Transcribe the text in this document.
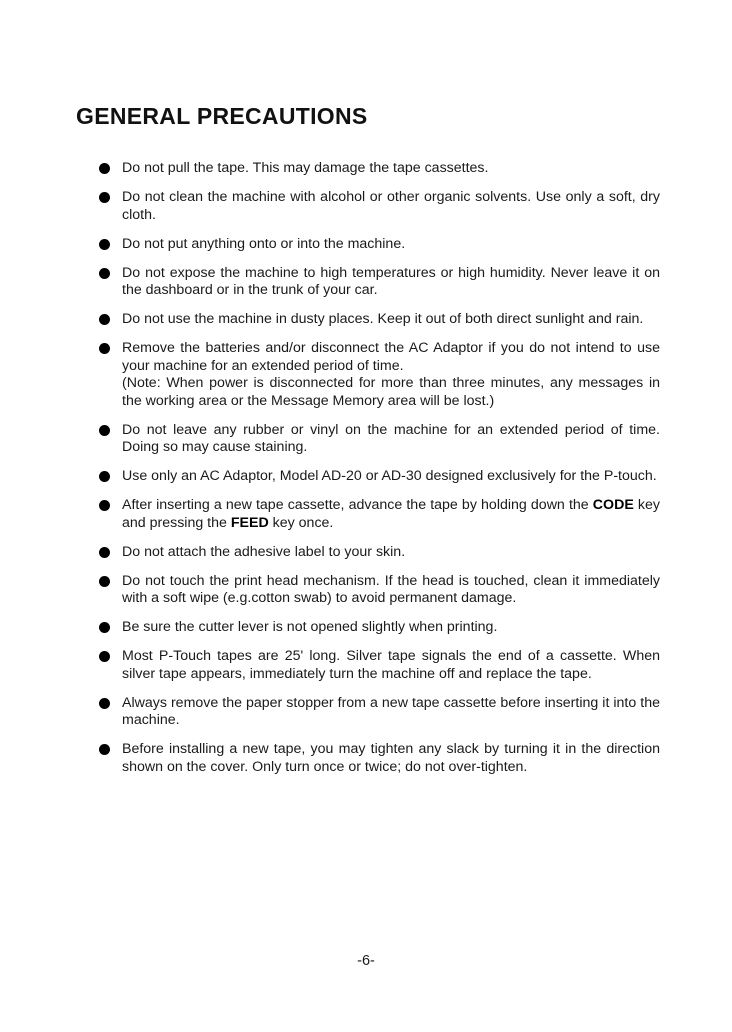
GENERAL PRECAUTIONS
Do not pull the tape. This may damage the tape cassettes.
Do not clean the machine with alcohol or other organic solvents. Use only a soft, dry cloth.
Do not put anything onto or into the machine.
Do not expose the machine to high temperatures or high humidity. Never leave it on the dashboard or in the trunk of your car.
Do not use the machine in dusty places. Keep it out of both direct sunlight and rain.
Remove the batteries and/or disconnect the AC Adaptor if you do not intend to use your machine for an extended period of time.
(Note: When power is disconnected for more than three minutes, any messages in the working area or the Message Memory area will be lost.)
Do not leave any rubber or vinyl on the machine for an extended period of time. Doing so may cause staining.
Use only an AC Adaptor, Model AD-20 or AD-30 designed exclusively for the P-touch.
After inserting a new tape cassette, advance the tape by holding down the CODE key and pressing the FEED key once.
Do not attach the adhesive label to your skin.
Do not touch the print head mechanism. If the head is touched, clean it immediately with a soft wipe (e.g.cotton swab) to avoid permanent damage.
Be sure the cutter lever is not opened slightly when printing.
Most P-Touch tapes are 25' long. Silver tape signals the end of a cassette. When silver tape appears, immediately turn the machine off and replace the tape.
Always remove the paper stopper from a new tape cassette before inserting it into the machine.
Before installing a new tape, you may tighten any slack by turning it in the direction shown on the cover. Only turn once or twice; do not over-tighten.
-6-
